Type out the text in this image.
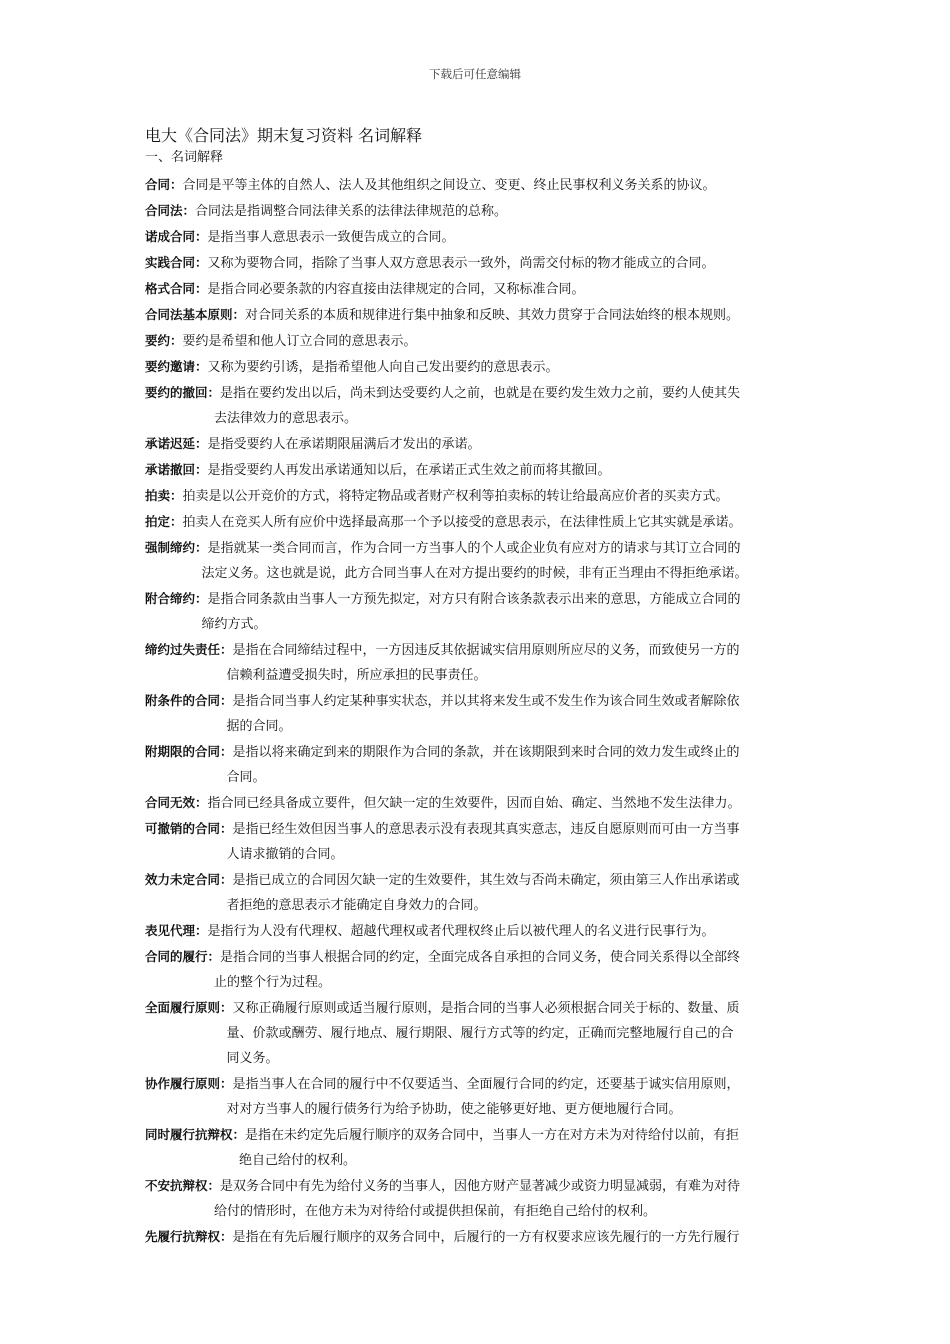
下载后可任意编辑
电大《合同法》期末复习资料 名词解释
一、名词解释
合同：合同是平等主体的自然人、法人及其他组织之间设立、变更、终止民事权利义务关系的协议。
合同法：合同法是指调整合同法律关系的法律法律规范的总称。
诺成合同：是指当事人意思表示一致便告成立的合同。
实践合同：又称为要物合同，指除了当事人双方意思表示一致外，尚需交付标的物才能成立的合同。
格式合同：是指合同必要条款的内容直接由法律规定的合同，又称标准合同。
合同法基本原则：对合同关系的本质和规律进行集中抽象和反映、其效力贯穿于合同法始终的根本规则。
要约：要约是希望和他人订立合同的意思表示。
要约邀请：又称为要约引诱，是指希望他人向自己发出要约的意思表示。
要约的撤回：是指在要约发出以后，尚未到达受要约人之前，也就是在要约发生效力之前，要约人使其失
去法律效力的意思表示。
承诺迟延：是指受要约人在承诺期限届满后才发出的承诺。
承诺撤回：是指受要约人再发出承诺通知以后，在承诺正式生效之前而将其撤回。
拍卖：拍卖是以公开竞价的方式，将特定物品或者财产权利等拍卖标的转让给最高应价者的买卖方式。
拍定：拍卖人在竞买人所有应价中选择最高那一个予以接受的意思表示，在法律性质上它其实就是承诺。
强制缔约：是指就某一类合同而言，作为合同一方当事人的个人或企业负有应对方的请求与其订立合同的
法定义务。这也就是说，此方合同当事人在对方提出要约的时候，非有正当理由不得拒绝承诺。
附合缔约：是指合同条款由当事人一方预先拟定，对方只有附合该条款表示出来的意思，方能成立合同的
缔约方式。
缔约过失责任：是指在合同缔结过程中，一方因违反其依据诚实信用原则所应尽的义务，而致使另一方的
信赖利益遭受损失时，所应承担的民事责任。
附条件的合同：是指合同当事人约定某种事实状态，并以其将来发生或不发生作为该合同生效或者解除依
据的合同。
附期限的合同：是指以将来确定到来的期限作为合同的条款，并在该期限到来时合同的效力发生或终止的
合同。
合同无效：指合同已经具备成立要件，但欠缺一定的生效要件，因而自始、确定、当然地不发生法律力。
可撤销的合同：是指已经生效但因当事人的意思表示没有表现其真实意志，违反自愿原则而可由一方当事
人请求撤销的合同。
效力未定合同：是指已成立的合同因欠缺一定的生效要件，其生效与否尚未确定，须由第三人作出承诺或
者拒绝的意思表示才能确定自身效力的合同。
表见代理：是指行为人没有代理权、超越代理权或者代理权终止后以被代理人的名义进行民事行为。
合同的履行：是指合同的当事人根据合同的约定，全面完成各自承担的合同义务，使合同关系得以全部终
止的整个行为过程。
全面履行原则：又称正确履行原则或适当履行原则，是指合同的当事人必须根据合同关于标的、数量、质
量、价款或酬劳、履行地点、履行期限、履行方式等的约定，正确而完整地履行自己的合
同义务。
协作履行原则：是指当事人在合同的履行中不仅要适当、全面履行合同的约定，还要基于诚实信用原则，
对对方当事人的履行债务行为给予协助，使之能够更好地、更方便地履行合同。
同时履行抗辩权：是指在未约定先后履行顺序的双务合同中，当事人一方在对方未为对待给付以前，有拒
绝自己给付的权利。
不安抗辩权：是双务合同中有先为给付义务的当事人，因他方财产显著减少或资力明显减弱，有难为对待
给付的情形时，在他方未为对待给付或提供担保前，有拒绝自己给付的权利。
先履行抗辩权：是指在有先后履行顺序的双务合同中，后履行的一方有权要求应该先履行的一方先行履行
